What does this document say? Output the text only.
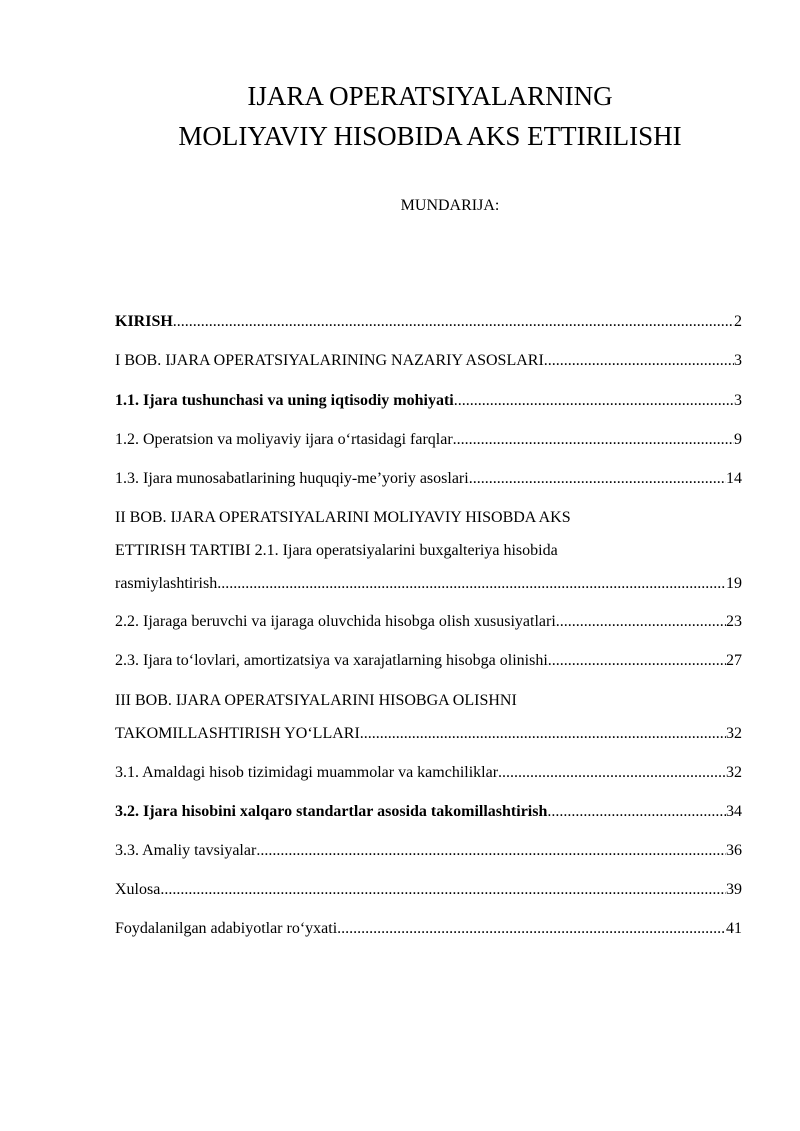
IJARA OPERATSIYALARNING
MOLIYAVIY HISOBIDA AKS ETTIRILISHI
MUNDARIJA:
KIRISH .....	2
I BOB. IJARA OPERATSIYALARINING NAZARIY ASOSLARI .....	3
1.1. Ijara tushunchasi va uning iqtisodiy mohiyati .....	3
1.2. Operatsion va moliyaviy ijara o‘rtasidagi farqlar .....	9
1.3. Ijara munosabatlarining huquqiy-me’yoriy asoslari .....	14
II BOB. IJARA OPERATSIYALARINI MOLIYAVIY HISOBDA AKS
ETTIRISH TARTIBI 2.1. Ijara operatsiyalarini buxgalteriya hisobida
rasmiylashtirish .....	19
2.2. Ijaraga beruvchi va ijaraga oluvchida hisobga olish xususiyatlari .....	23
2.3. Ijara to‘lovlari, amortizatsiya va xarajatlarning hisobga olinishi .....	27
III BOB. IJARA OPERATSIYALARINI HISOBGA OLISHNI
TAKOMILLASHTIRISH YO‘LLARI .....	32
3.1. Amaldagi hisob tizimidagi muammolar va kamchiliklar .....	32
3.2. Ijara hisobini xalqaro standartlar asosida takomillashtirish .....	34
3.3. Amaliy tavsiyalar .....	36
Xulosa .....	39
Foydalanilgan adabiyotlar ro‘yxati .....	41
